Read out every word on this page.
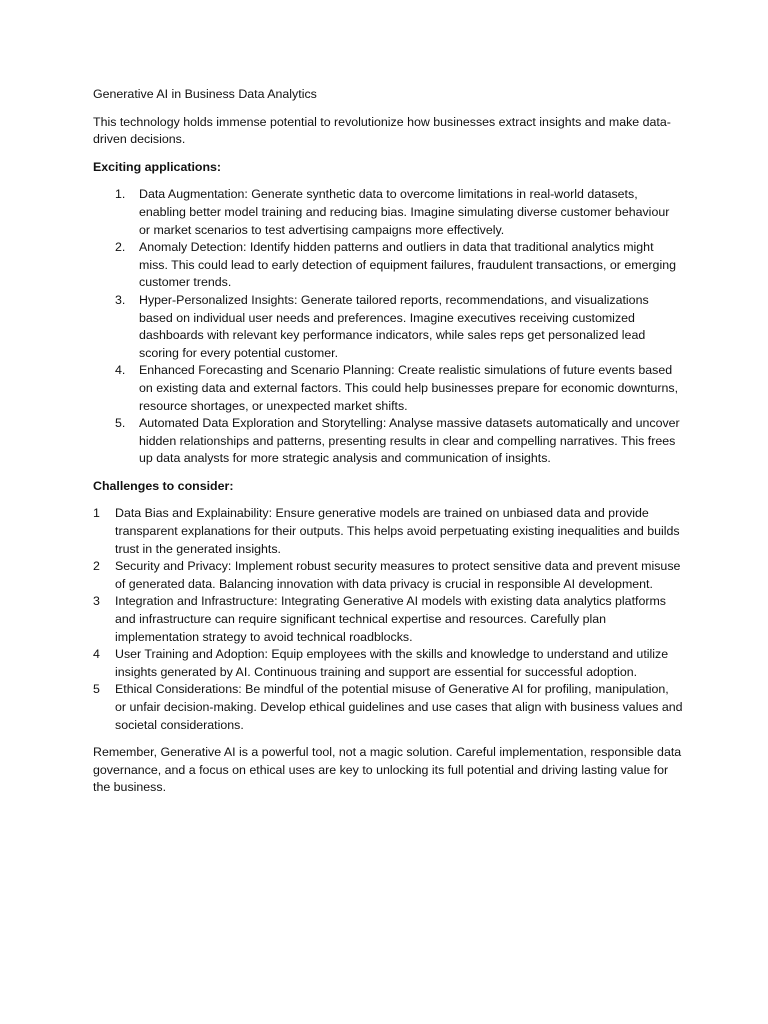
Generative AI in Business Data Analytics

This technology holds immense potential to revolutionize how businesses extract insights and make data-driven decisions.

Exciting applications:

1. Data Augmentation: Generate synthetic data to overcome limitations in real-world datasets, enabling better model training and reducing bias. Imagine simulating diverse customer behaviour or market scenarios to test advertising campaigns more effectively.
2. Anomaly Detection: Identify hidden patterns and outliers in data that traditional analytics might miss. This could lead to early detection of equipment failures, fraudulent transactions, or emerging customer trends.
3. Hyper-Personalized Insights: Generate tailored reports, recommendations, and visualizations based on individual user needs and preferences. Imagine executives receiving customized dashboards with relevant key performance indicators, while sales reps get personalized lead scoring for every potential customer.
4. Enhanced Forecasting and Scenario Planning: Create realistic simulations of future events based on existing data and external factors. This could help businesses prepare for economic downturns, resource shortages, or unexpected market shifts.
5. Automated Data Exploration and Storytelling: Analyse massive datasets automatically and uncover hidden relationships and patterns, presenting results in clear and compelling narratives. This frees up data analysts for more strategic analysis and communication of insights.

Challenges to consider:

1 Data Bias and Explainability: Ensure generative models are trained on unbiased data and provide transparent explanations for their outputs. This helps avoid perpetuating existing inequalities and builds trust in the generated insights.
2 Security and Privacy: Implement robust security measures to protect sensitive data and prevent misuse of generated data. Balancing innovation with data privacy is crucial in responsible AI development.
3 Integration and Infrastructure: Integrating Generative AI models with existing data analytics platforms and infrastructure can require significant technical expertise and resources. Carefully plan implementation strategy to avoid technical roadblocks.
4 User Training and Adoption: Equip employees with the skills and knowledge to understand and utilize insights generated by AI. Continuous training and support are essential for successful adoption.
5 Ethical Considerations: Be mindful of the potential misuse of Generative AI for profiling, manipulation, or unfair decision-making. Develop ethical guidelines and use cases that align with business values and societal considerations.

Remember, Generative AI is a powerful tool, not a magic solution. Careful implementation, responsible data governance, and a focus on ethical uses are key to unlocking its full potential and driving lasting value for the business.
